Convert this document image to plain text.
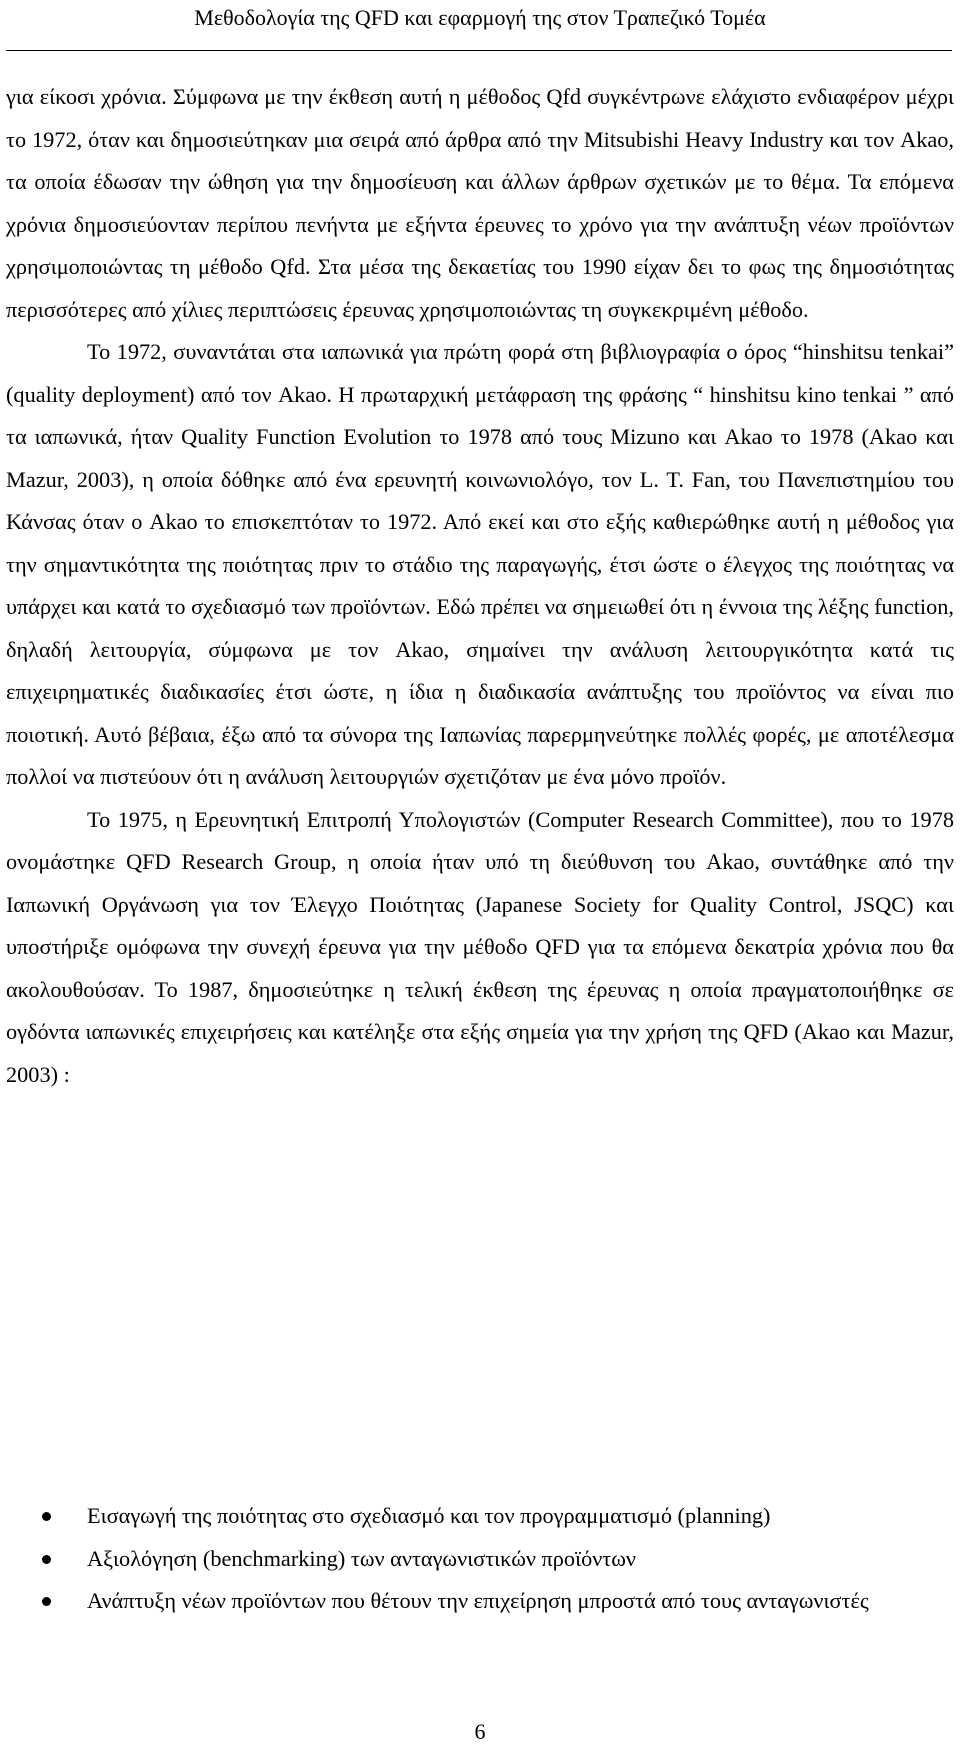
Μεθοδολογία της QFD και εφαρμογή της στον Τραπεζικό Τομέα

για είκοσι χρόνια. Σύμφωνα με την έκθεση αυτή η μέθοδος Qfd συγκέντρωνε ελάχιστο ενδιαφέρον μέχρι το 1972, όταν και δημοσιεύτηκαν μια σειρά από άρθρα από την Mitsubishi Heavy Industry και τον Akao, τα οποία έδωσαν την ώθηση για την δημοσίευση και άλλων άρθρων σχετικών με το θέμα. Τα επόμενα χρόνια δημοσιεύονταν περίπου πενήντα με εξήντα έρευνες το χρόνο για την ανάπτυξη νέων προϊόντων χρησιμοποιώντας τη μέθοδο Qfd. Στα μέσα της δεκαετίας του 1990 είχαν δει το φως της δημοσιότητας περισσότερες από χίλιες περιπτώσεις έρευνας χρησιμοποιώντας τη συγκεκριμένη μέθοδο.

Το 1972, συναντάται στα ιαπωνικά για πρώτη φορά στη βιβλιογραφία ο όρος “hinshitsu tenkai” (quality deployment) από τον Akao. Η πρωταρχική μετάφραση της φράσης “ hinshitsu kino tenkai ” από τα ιαπωνικά, ήταν Quality Function Evolution το 1978 από τους Mizuno και Akao το 1978 (Akao και Mazur, 2003), η οποία δόθηκε από ένα ερευνητή κοινωνιολόγο, τον L. T. Fan, του Πανεπιστημίου του Κάνσας όταν ο Akao το επισκεπτόταν το 1972. Από εκεί και στο εξής καθιερώθηκε αυτή η μέθοδος για την σημαντικότητα της ποιότητας πριν το στάδιο της παραγωγής, έτσι ώστε ο έλεγχος της ποιότητας να υπάρχει και κατά το σχεδιασμό των προϊόντων. Εδώ πρέπει να σημειωθεί ότι η έννοια της λέξης function, δηλαδή λειτουργία, σύμφωνα με τον Akao, σημαίνει την ανάλυση λειτουργικότητα κατά τις επιχειρηματικές διαδικασίες έτσι ώστε, η ίδια η διαδικασία ανάπτυξης του προϊόντος να είναι πιο ποιοτική. Αυτό βέβαια, έξω από τα σύνορα της Ιαπωνίας παρερμηνεύτηκε πολλές φορές, με αποτέλεσμα πολλοί να πιστεύουν ότι η ανάλυση λειτουργιών σχετιζόταν με ένα μόνο προϊόν.

Το 1975, η Ερευνητική Επιτροπή Υπολογιστών (Computer Research Committee), που το 1978 ονομάστηκε QFD Research Group, η οποία ήταν υπό τη διεύθυνση του Akao, συντάθηκε από την Ιαπωνική Οργάνωση για τον Έλεγχο Ποιότητας (Japanese Society for Quality Control, JSQC) και υποστήριξε ομόφωνα την συνεχή έρευνα για την μέθοδο QFD για τα επόμενα δεκατρία χρόνια που θα ακολουθούσαν. Το 1987, δημοσιεύτηκε η τελική έκθεση της έρευνας η οποία πραγματοποιήθηκε σε ογδόντα ιαπωνικές επιχειρήσεις και κατέληξε στα εξής σημεία για την χρήση της QFD (Akao και Mazur, 2003) :

Εισαγωγή της ποιότητας στο σχεδιασμό και τον προγραμματισμό (planning)
Αξιολόγηση (benchmarking) των ανταγωνιστικών προϊόντων
Ανάπτυξη νέων προϊόντων που θέτουν την επιχείρηση μπροστά από τους ανταγωνιστές
6
